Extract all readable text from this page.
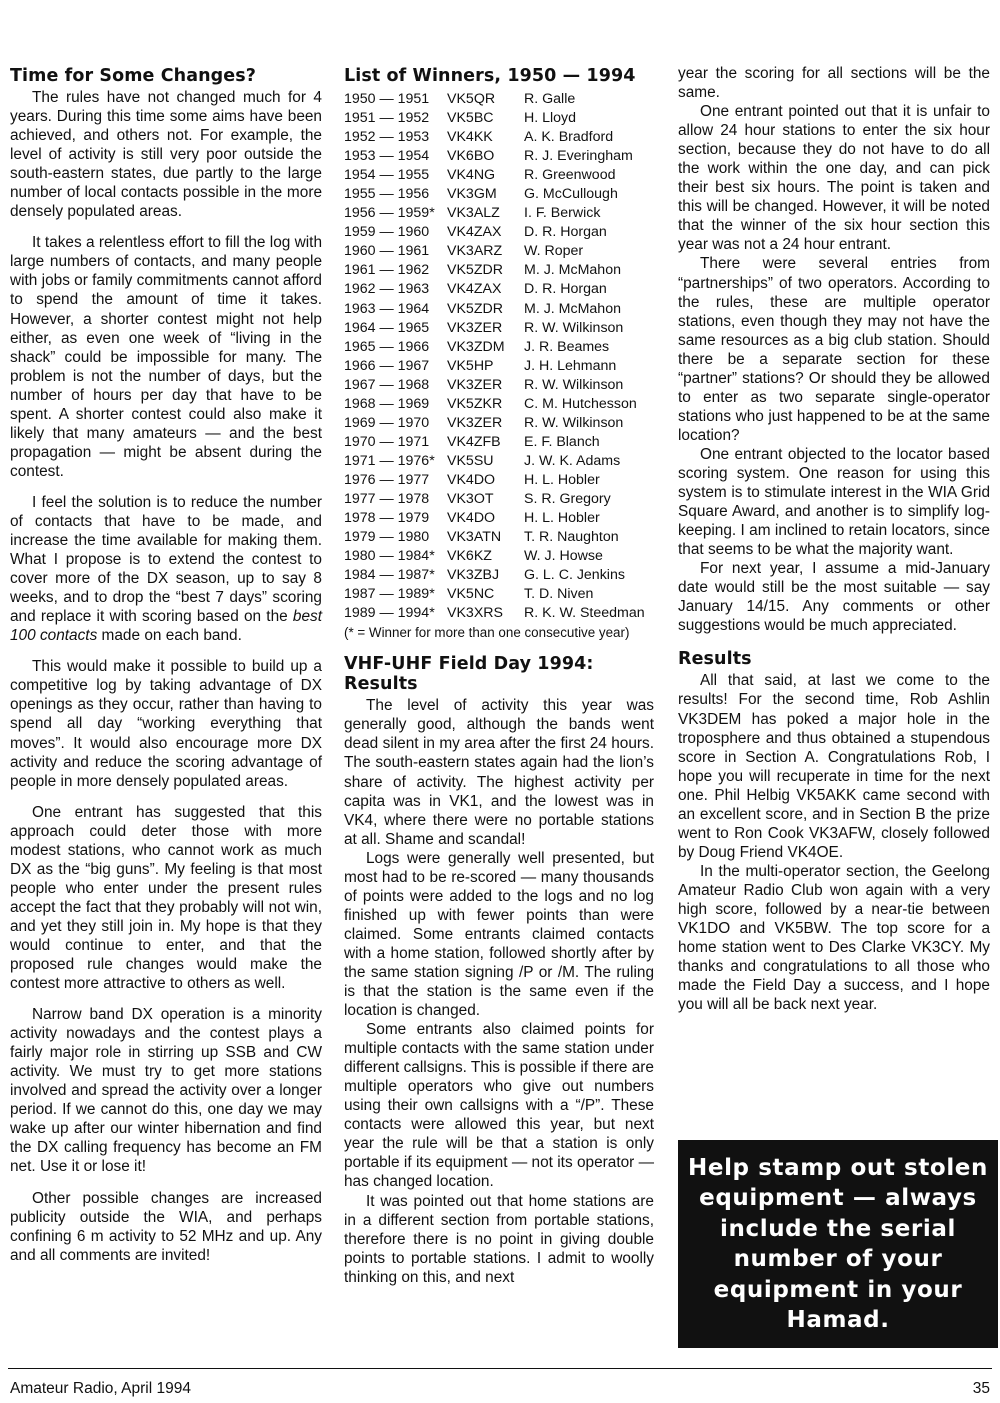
Time for Some Changes?

The rules have not changed much for 4 years. During this time some aims have been achieved, and others not. For example, the level of activity is still very poor outside the south-eastern states, due partly to the large number of local contacts possible in the more densely populated areas.

It takes a relentless effort to fill the log with large numbers of contacts, and many people with jobs or family commitments cannot afford to spend the amount of time it takes. However, a shorter contest might not help either, as even one week of “living in the shack” could be impossible for many. The problem is not the number of days, but the number of hours per day that have to be spent. A shorter contest could also make it likely that many amateurs — and the best propagation — might be absent during the contest.

I feel the solution is to reduce the number of contacts that have to be made, and increase the time available for making them. What I propose is to extend the contest to cover more of the DX season, up to say 8 weeks, and to drop the “best 7 days” scoring and replace it with scoring based on the best 100 contacts made on each band.

This would make it possible to build up a competitive log by taking advantage of DX openings as they occur, rather than having to spend all day “working everything that moves”. It would also encourage more DX activity and reduce the scoring advantage of people in more densely populated areas.

One entrant has suggested that this approach could deter those with more modest stations, who cannot work as much DX as the “big guns”. My feeling is that most people who enter under the present rules accept the fact that they probably will not win, and yet they still join in. My hope is that they would continue to enter, and that the proposed rule changes would make the contest more attractive to others as well.

Narrow band DX operation is a minority activity nowadays and the contest plays a fairly major role in stirring up SSB and CW activity. We must try to get more stations involved and spread the activity over a longer period. If we cannot do this, one day we may wake up after our winter hibernation and find the DX calling frequency has become an FM net. Use it or lose it!

Other possible changes are increased publicity outside the WIA, and perhaps confining 6 m activity to 52 MHz and up. Any and all comments are invited!

List of Winners, 1950 — 1994
1950 — 1951	VK5QR	R. Galle
1951 — 1952	VK5BC	H. Lloyd
1952 — 1953	VK4KK	A. K. Bradford
1953 — 1954	VK6BO	R. J. Everingham
1954 — 1955	VK4NG	R. Greenwood
1955 — 1956	VK3GM	G. McCullough
1956 — 1959*	VK3ALZ	I. F. Berwick
1959 — 1960	VK4ZAX	D. R. Horgan
1960 — 1961	VK3ARZ	W. Roper
1961 — 1962	VK5ZDR	M. J. McMahon
1962 — 1963	VK4ZAX	D. R. Horgan
1963 — 1964	VK5ZDR	M. J. McMahon
1964 — 1965	VK3ZER	R. W. Wilkinson
1965 — 1966	VK3ZDM	J. R. Beames
1966 — 1967	VK5HP	J. H. Lehmann
1967 — 1968	VK3ZER	R. W. Wilkinson
1968 — 1969	VK5ZKR	C. M. Hutchesson
1969 — 1970	VK3ZER	R. W. Wilkinson
1970 — 1971	VK4ZFB	E. F. Blanch
1971 — 1976*	VK5SU	J. W. K. Adams
1976 — 1977	VK4DO	H. L. Hobler
1977 — 1978	VK3OT	S. R. Gregory
1978 — 1979	VK4DO	H. L. Hobler
1979 — 1980	VK3ATN	T. R. Naughton
1980 — 1984*	VK6KZ	W. J. Howse
1984 — 1987*	VK3ZBJ	G. L. C. Jenkins
1987 — 1989*	VK5NC	T. D. Niven
1989 — 1994*	VK3XRS	R. K. W. Steedman
(* = Winner for more than one consecutive year)
VHF-UHF Field Day 1994:
Results

The level of activity this year was generally good, although the bands went dead silent in my area after the first 24 hours. The south-eastern states again had the lion’s share of activity. The highest activity per capita was in VK1, and the lowest was in VK4, where there were no portable stations at all. Shame and scandal!

Logs were generally well presented, but most had to be re-scored — many thousands of points were added to the logs and no log finished up with fewer points than were claimed. Some entrants claimed contacts with a home station, followed shortly after by the same station signing /P or /M. The ruling is that the station is the same even if the location is changed.

Some entrants also claimed points for multiple contacts with the same station under different callsigns. This is possible if there are multiple operators who give out numbers using their own callsigns with a “/P”. These contacts were allowed this year, but next year the rule will be that a station is only portable if its equipment — not its operator — has changed location.

It was pointed out that home stations are in a different section from portable stations, therefore there is no point in giving double points to portable stations. I admit to woolly thinking on this, and next

year the scoring for all sections will be the same.

One entrant pointed out that it is unfair to allow 24 hour stations to enter the six hour section, because they do not have to do all the work within the one day, and can pick their best six hours. The point is taken and this will be changed. However, it will be noted that the winner of the six hour section this year was not a 24 hour entrant.

There were several entries from “partnerships” of two operators. According to the rules, these are multiple operator stations, even though they may not have the same resources as a big club station. Should there be a separate section for these “partner” stations? Or should they be allowed to enter as two separate single-operator stations who just happened to be at the same location?

One entrant objected to the locator based scoring system. One reason for using this system is to stimulate interest in the WIA Grid Square Award, and another is to simplify log-keeping. I am inclined to retain locators, since that seems to be what the majority want.

For next year, I assume a mid-January date would still be the most suitable — say January 14/15. Any comments or other suggestions would be much appreciated.

Results

All that said, at last we come to the results! For the second time, Rob Ashlin VK3DEM has poked a major hole in the troposphere and thus obtained a stupendous score in Section A. Congratulations Rob, I hope you will recuperate in time for the next one. Phil Helbig VK5AKK came second with an excellent score, and in Section B the prize went to Ron Cook VK3AFW, closely followed by Doug Friend VK4OE.

In the multi-operator section, the Geelong Amateur Radio Club won again with a very high score, followed by a near-tie between VK1DO and VK5BW. The top score for a home station went to Des Clarke VK3CY. My thanks and congratulations to all those who made the Field Day a success, and I hope you will all be back next year.

Help stamp out stolen equipment — always include the serial number of your equipment in your Hamad.
Amateur Radio, April 1994	35
